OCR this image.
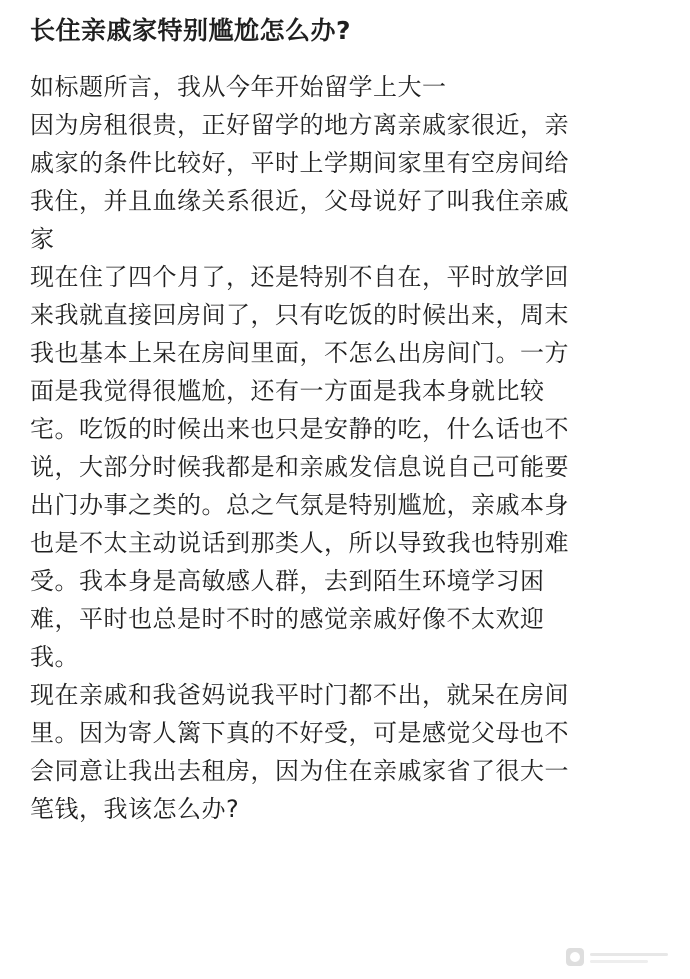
长住亲戚家特别尴尬怎么办?
如标题所言，我从今年开始留学上大一
因为房租很贵，正好留学的地方离亲戚家很近，亲
戚家的条件比较好，平时上学期间家里有空房间给
我住，并且血缘关系很近，父母说好了叫我住亲戚
家
现在住了四个月了，还是特别不自在，平时放学回
来我就直接回房间了，只有吃饭的时候出来，周末
我也基本上呆在房间里面，不怎么出房间门。一方
面是我觉得很尴尬，还有一方面是我本身就比较
宅。吃饭的时候出来也只是安静的吃，什么话也不
说，大部分时候我都是和亲戚发信息说自己可能要
出门办事之类的。总之气氛是特别尴尬，亲戚本身
也是不太主动说话到那类人，所以导致我也特别难
受。我本身是高敏感人群，去到陌生环境学习困
难，平时也总是时不时的感觉亲戚好像不太欢迎
我。
现在亲戚和我爸妈说我平时门都不出，就呆在房间
里。因为寄人篱下真的不好受，可是感觉父母也不
会同意让我出去租房，因为住在亲戚家省了很大一
笔钱，我该怎么办?
